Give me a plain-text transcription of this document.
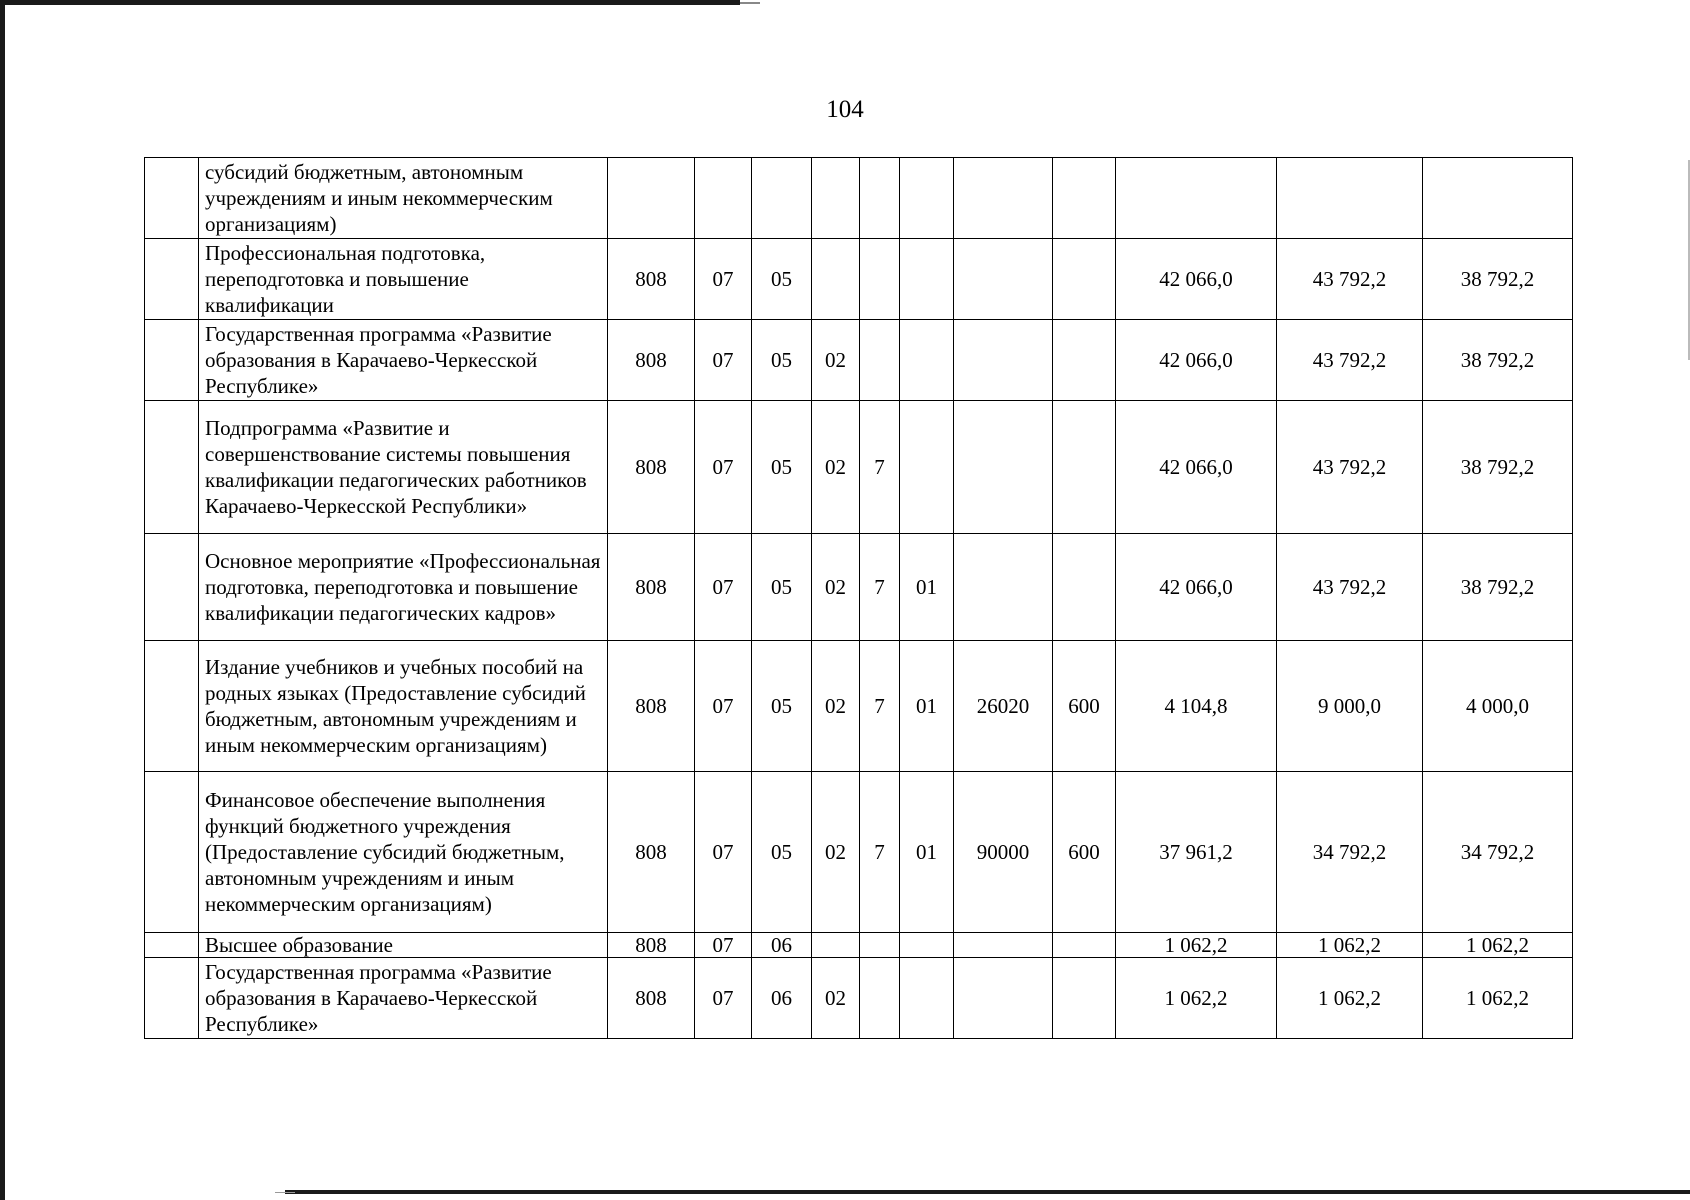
104
	субсидий бюджетным, автономным учреждениям и иным некоммерческим организациям)											
	Профессиональная подготовка, переподготовка и повышение квалификации	808	07	05						42 066,0	43 792,2	38 792,2
	Государственная программа «Развитие образования в Карачаево-Черкесской Республике»	808	07	05	02					42 066,0	43 792,2	38 792,2
	Подпрограмма «Развитие и совершенствование системы повышения квалификации педагогических работников Карачаево-Черкесской Республики»	808	07	05	02	7				42 066,0	43 792,2	38 792,2
	Основное мероприятие «Профессиональная подготовка, переподготовка и повышение квалификации педагогических кадров»	808	07	05	02	7	01			42 066,0	43 792,2	38 792,2
	Издание учебников и учебных пособий на родных языках (Предоставление субсидий бюджетным, автономным учреждениям и иным некоммерческим организациям)	808	07	05	02	7	01	26020	600	4 104,8	9 000,0	4 000,0
	Финансовое обеспечение выполнения функций бюджетного учреждения (Предоставление субсидий бюджетным, автономным учреждениям и иным некоммерческим организациям)	808	07	05	02	7	01	90000	600	37 961,2	34 792,2	34 792,2
	Высшее образование	808	07	06						1 062,2	1 062,2	1 062,2
	Государственная программа «Развитие образования в Карачаево-Черкесской Республике»	808	07	06	02					1 062,2	1 062,2	1 062,2
